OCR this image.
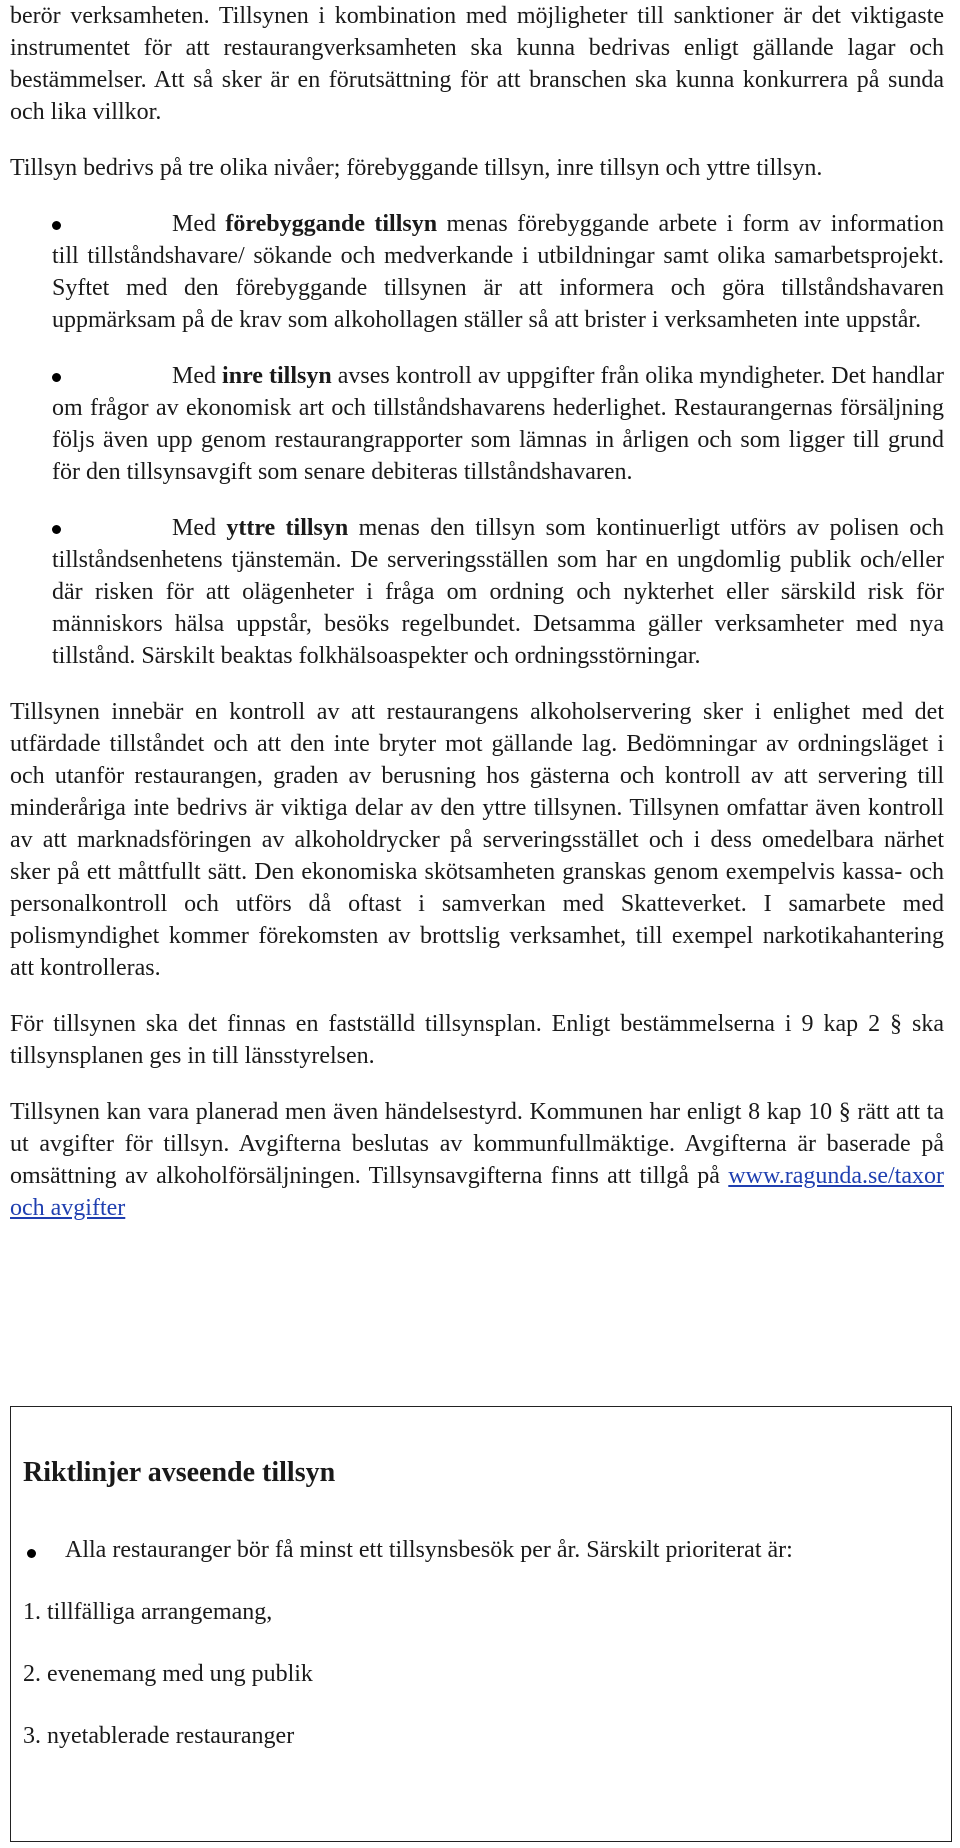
berör verksamheten. Tillsynen i kombination med möjligheter till sanktioner är det viktigaste instrumentet för att restaurangverksamheten ska kunna bedrivas enligt gällande lagar och bestämmelser. Att så sker är en förutsättning för att branschen ska kunna konkurrera på sunda och lika villkor.

Tillsyn bedrivs på tre olika nivåer; förebyggande tillsyn, inre tillsyn och yttre tillsyn.

Med förebyggande tillsyn menas förebyggande arbete i form av information till tillståndshavare/ sökande och medverkande i utbildningar samt olika samarbetsprojekt. Syftet med den förebyggande tillsynen är att informera och göra tillståndshavaren uppmärksam på de krav som alkohollagen ställer så att brister i verksamheten inte uppstår.

Med inre tillsyn avses kontroll av uppgifter från olika myndigheter. Det handlar om frågor av ekonomisk art och tillståndshavarens hederlighet. Restaurangernas försäljning följs även upp genom restaurangrapporter som lämnas in årligen och som ligger till grund för den tillsynsavgift som senare debiteras tillståndshavaren.

Med yttre tillsyn menas den tillsyn som kontinuerligt utförs av polisen och tillståndsenhetens tjänstemän. De serveringsställen som har en ungdomlig publik och/eller där risken för att olägenheter i fråga om ordning och nykterhet eller särskild risk för människors hälsa uppstår, besöks regelbundet. Detsamma gäller verksamheter med nya tillstånd. Särskilt beaktas folkhälsoaspekter och ordningsstörningar.

Tillsynen innebär en kontroll av att restaurangens alkoholservering sker i enlighet med det utfärdade tillståndet och att den inte bryter mot gällande lag. Bedömningar av ordningsläget i och utanför restaurangen, graden av berusning hos gästerna och kontroll av att servering till minderåriga inte bedrivs är viktiga delar av den yttre tillsynen. Tillsynen omfattar även kontroll av att marknadsföringen av alkoholdrycker på serveringsstället och i dess omedelbara närhet sker på ett måttfullt sätt. Den ekonomiska skötsamheten granskas genom exempelvis kassa- och personalkontroll och utförs då oftast i samverkan med Skatteverket. I samarbete med polismyndighet kommer förekomsten av brottslig verksamhet, till exempel narkotikahantering att kontrolleras.

För tillsynen ska det finnas en fastställd tillsynsplan. Enligt bestämmelserna i 9 kap 2 § ska tillsynsplanen ges in till länsstyrelsen.

Tillsynen kan vara planerad men även händelsestyrd. Kommunen har enligt 8 kap 10 § rätt att ta ut avgifter för tillsyn. Avgifterna beslutas av kommunfullmäktige. Avgifterna är baserade på omsättning av alkoholförsäljningen. Tillsynsavgifterna finns att tillgå på www.ragunda.se/taxor och avgifter

Riktlinjer avseende tillsyn
Alla restauranger bör få minst ett tillsynsbesök per år. Särskilt prioriterat är:
1. tillfälliga arrangemang,
2. evenemang med ung publik
3. nyetablerade restauranger
